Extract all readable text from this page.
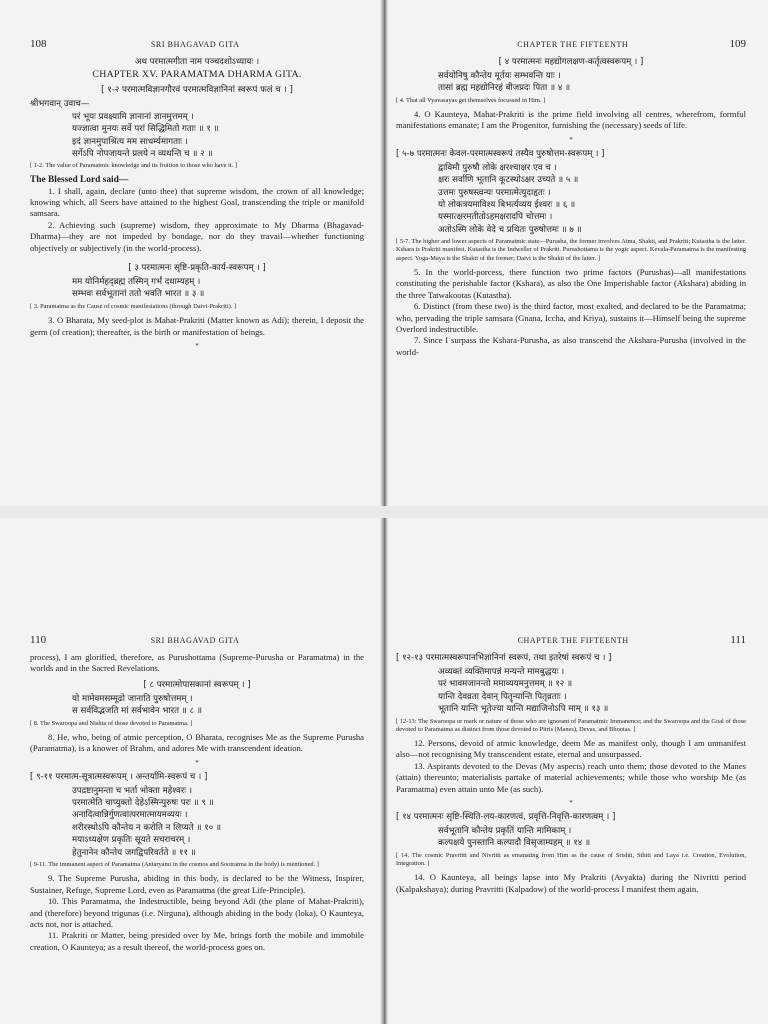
108	SRI BHAGAVAD GITA
अथ परमात्मगीता नाम पञ्चदशोऽध्यायः ।
CHAPTER XV. PARAMATMA DHARMA GITA.
[ १-२ परमात्मविज्ञानगौरवं परमात्मविज्ञानिनां स्वरूपं फलं च । ]
श्रीभगवान् उवाच—
परं भूयः प्रवक्ष्यामि ज्ञानानां ज्ञानमुत्तमम् ।
यज्ज्ञात्वा मुनयः सर्वे परां सिद्धिमितो गताः ॥ १ ॥
इदं ज्ञानमुपाश्रित्य मम साधर्म्यमागताः ।
सर्गेऽपि नोपजायन्ते प्रलये न व्यथन्ति च ॥ २ ॥
[ 1-2. The value of Paramatmic knowledge and its fruition to those who have it. ]
The Blessed Lord said—
1. I shall, again, declare (unto thee) that supreme wisdom, the crown of all knowledge; knowing which, all Seers have attained to the highest Goal, transcending the triple or manifold samsara.
2. Achieving such (supreme) wisdom, they approximate to My Dharma (Bhagavad-Dharma)—they are not impeded by bondage, nor do they travail—whether functioning objectively or subjectively (in the world-process).
[ ३ परमात्मनः सृष्टि-प्रकृति-कार्य-स्वरूपम् । ]
मम योनिर्महद्ब्रह्म तस्मिन् गर्भं दधाम्यहम् ।
सम्भवः सर्वभूतानां ततो भवति भारत ॥ ३ ॥
[ 3. Paramatma as the Cause of cosmic manifestations (through Daivi-Prakriti). ]
3. O Bharata, My seed-plot is Mahat-Prakriti (Matter known as Adi); therein, I deposit the germ (of creation); thereafter, is the birth or manifestation of beings.
*
CHAPTER THE FIFTEENTH	109
[ ४ परमात्मनः महद्योगलक्षण-कर्तृत्वस्वरूपम् । ]
सर्वयोनिषु कौन्तेय मूर्तयः सम्भवन्ति याः ।
तासां ब्रह्म महद्योनिरहं बीजप्रदः पिता ॥ ४ ॥
[ 4. That all Vyavasayas get themselves focussed in Him. ]
4. O Kaunteya, Mahat-Prakriti is the prime field involving all centres, wherefrom, formful manifestations emanate; I am the Progenitor, furnishing the (necessary) seeds of life.
*
[ ५-७ परमात्मनः केवल-परमात्मस्वरूपं तस्यैव पुरुषोत्तम-स्वरूपम् । ]
द्वाविमौ पुरुषौ लोके क्षरश्चाक्षर एव च ।
क्षरः सर्वाणि भूतानि कूटस्थोऽक्षर उच्यते ॥ ५ ॥
उत्तमः पुरुषस्त्वन्यः परमात्मेत्युदाहृतः ।
यो लोकत्रयमाविश्य बिभर्त्यव्यय ईश्वरः ॥ ६ ॥
यस्मात्क्षरमतीतोऽहमक्षरादपि चोत्तमः ।
अतोऽस्मि लोके वेदे च प्रथितः पुरुषोत्तमः ॥ ७ ॥
[ 5-7. The higher and lower aspects of Paramatmic state—Purusha, the former involves Atma, Shakti, and Prakriti; Kutastha is the latter. Kshara is Prakriti manifest. Kutastha is the Indweller of Prakriti. Purushottama is the yogic aspect. Kevala-Paramatma is the manifesting aspect. Yoga-Maya is the Shakti of the former; Daivi is the Shakti of the latter. ]
5. In the world-porcess, there function two prime factors (Purushas)—all manifestations constituting the perishable factor (Kshara), as also the One Imperishable factor (Akshara) abiding in the three Tatwakootas (Kutastha).
6. Distinct (from these two) is the third factor, most exalted, and declared to be the Paramatma; who, pervading the triple samsara (Gnana, Iccha, and Kriya), sustains it—Himself being the supreme Overlord indestructible.
7. Since I surpass the Kshara-Purusha, as also transcend the Akshara-Purusha (involved in the world-
110	SRI BHAGAVAD GITA
process), I am glorified, therefore, as Purushottama (Supreme-Purusha or Paramatma) in the worlds and in the Sacred Revelations.
[ ८ परमात्मोपासकानां स्वरूपम् । ]
यो मामेवमसम्मूढो जानाति पुरुषोत्तमम् ।
स सर्वविद्भजति मां सर्वभावेन भारत ॥ ८ ॥
[ 8. The Swaroopa and Nishta of those devoted to Paramatma. ]
8. He, who, being of atmic perception, O Bharata, recognises Me as the Supreme Purusha (Paramatma), is a knower of Brahm, and adores Me with transcendent ideation.
*
[ ९-११ परमात्म-सूत्रात्मस्वरूपम् । अन्तर्यामि-स्वरूपं च । ]
उपद्रष्टानुमन्ता च भर्ता भोक्ता महेश्वरः ।
परमात्मेति चाप्युक्तो देहेऽस्मिन्पुरुषः परः ॥ ९ ॥
अनादित्वान्निर्गुणत्वात्परमात्मायमव्ययः ।
शरीरस्थोऽपि कौन्तेय न करोति न लिप्यते ॥ १० ॥
मयाऽध्यक्षेण प्रकृतिः सूयते सचराचरम् ।
हेतुनानेन कौन्तेय जगद्विपरिवर्तते ॥ ११ ॥
[ 9-11. The immanent aspect of Paramatma (Antaryami in the cosmos and Sootratma in the body) is mentioned. ]
9. The Supreme Purusha, abiding in this body, is declared to be the Witness, Inspirer, Sustainer, Refuge, Supreme Lord, even as Paramatma (the great Life-Principle).
10. This Paramatma, the Indestructible, being beyond Adi (the plane of Mahat-Prakriti), and (therefore) beyond trigunas (i.e. Nirguna), although abiding in the body (loka), O Kaunteya, acts not, nor is attached.
11. Prakriti or Matter, being presided over by Me, brings forth the mobile and immobile creation, O Kaunteya; as a result thereof, the world-process goes on.
CHAPTER THE FIFTEENTH	111
[ १२-१३ परमात्मस्वरूपानभिज्ञानिनां स्वरूपं, तथा इतरेषां स्वरूपं च । ]
अव्यक्तं व्यक्तिमापन्नं मन्यन्ते मामबुद्धयः ।
परं भावमजानन्तो ममाव्ययमनुत्तमम् ॥ १२ ॥
यान्ति देवव्रता देवान् पितॄन्यान्ति पितृव्रताः ।
भूतानि यान्ति भूतेज्या यान्ति मद्याजिनोऽपि माम् ॥ १३ ॥
[ 12-13: The Swaroopa or mark or nature of those who are ignorant of Paramatmic Immanence; and the Swaroopa and the Goal of those devoted to Paramatma as distinct from those devoted to Pitris (Manes), Devas, and Bhootas. ]
12. Persons, devoid of atmic knowledge, deem Me as manifest only, though I am unmanifest also—not recognising My transcendent estate, eternal and unsurpassed.
13. Aspirants devoted to the Devas (My aspects) reach unto them; those devoted to the Manes (attain) thereunto; materialists partake of material achievements; while those who worship Me (as Paramatma) even attain unto Me (as such).
*
[ १४ परमात्मनः सृष्टि-स्थिति-लय-कारणत्वं, प्रवृत्ति-निवृत्ति-कारणत्वम् । ]
सर्वभूतानि कौन्तेय प्रकृतिं यान्ति मामिकाम् ।
कल्पक्षये पुनस्तानि कल्पादौ विसृजाम्यहम् ॥ १४ ॥
[ 14. The cosmic Pravritti and Nivritti as emanating from Him as the cause of Srishti, Sthiti and Laya i.e. Creation, Evolution, Integration. ]
14. O Kaunteya, all beings lapse into My Prakriti (Avyakta) during the Nivritti period (Kalpakshaya); during Pravritti (Kalpadow) of the world-process I manifest them again.
